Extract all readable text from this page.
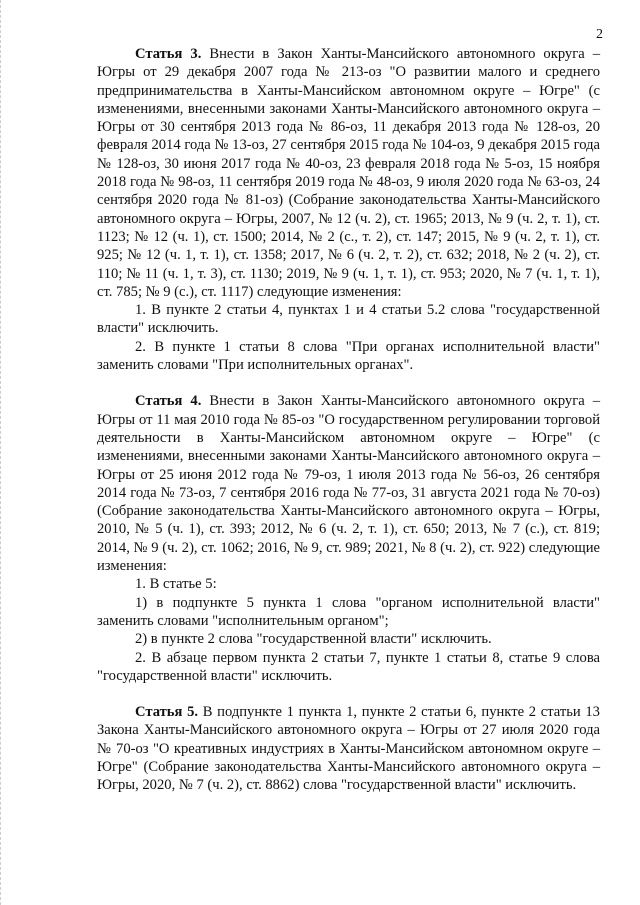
2

Статья 3. Внести в Закон Ханты-Мансийского автономного округа – Югры от 29 декабря 2007 года № 213-оз "О развитии малого и среднего предпринимательства в Ханты-Мансийском автономном округе – Югре" (с изменениями, внесенными законами Ханты-Мансийского автономного округа – Югры от 30 сентября 2013 года № 86-оз, 11 декабря 2013 года № 128-оз, 20 февраля 2014 года № 13-оз, 27 сентября 2015 года № 104-оз, 9 декабря 2015 года № 128-оз, 30 июня 2017 года № 40-оз, 23 февраля 2018 года № 5-оз, 15 ноября 2018 года № 98-оз, 11 сентября 2019 года № 48-оз, 9 июля 2020 года № 63-оз, 24 сентября 2020 года № 81-оз) (Собрание законодательства Ханты-Мансийского автономного округа – Югры, 2007, № 12 (ч. 2), ст. 1965; 2013, № 9 (ч. 2, т. 1), ст. 1123; № 12 (ч. 1), ст. 1500; 2014, № 2 (с., т. 2), ст. 147; 2015, № 9 (ч. 2, т. 1), ст. 925; № 12 (ч. 1, т. 1), ст. 1358; 2017, № 6 (ч. 2, т. 2), ст. 632; 2018, № 2 (ч. 2), ст. 110; № 11 (ч. 1, т. 3), ст. 1130; 2019, № 9 (ч. 1, т. 1), ст. 953; 2020, № 7 (ч. 1, т. 1), ст. 785; № 9 (с.), ст. 1117) следующие изменения:

1. В пункте 2 статьи 4, пунктах 1 и 4 статьи 5.2 слова "государственной власти" исключить.

2. В пункте 1 статьи 8 слова "При органах исполнительной власти" заменить словами "При исполнительных органах".

Статья 4. Внести в Закон Ханты-Мансийского автономного округа – Югры от 11 мая 2010 года № 85-оз "О государственном регулировании торговой деятельности в Ханты-Мансийском автономном округе – Югре" (с изменениями, внесенными законами Ханты-Мансийского автономного округа – Югры от 25 июня 2012 года № 79-оз, 1 июля 2013 года № 56-оз, 26 сентября 2014 года № 73-оз, 7 сентября 2016 года № 77-оз, 31 августа 2021 года № 70-оз) (Собрание законодательства Ханты-Мансийского автономного округа – Югры, 2010, № 5 (ч. 1), ст. 393; 2012, № 6 (ч. 2, т. 1), ст. 650; 2013, № 7 (с.), ст. 819; 2014, № 9 (ч. 2), ст. 1062; 2016, № 9, ст. 989; 2021, № 8 (ч. 2), ст. 922) следующие изменения:

1. В статье 5:

1) в подпункте 5 пункта 1 слова "органом исполнительной власти" заменить словами "исполнительным органом";

2) в пункте 2 слова "государственной власти" исключить.

2. В абзаце первом пункта 2 статьи 7, пункте 1 статьи 8, статье 9 слова "государственной власти" исключить.

Статья 5. В подпункте 1 пункта 1, пункте 2 статьи 6, пункте 2 статьи 13 Закона Ханты-Мансийского автономного округа – Югры от 27 июля 2020 года № 70-оз "О креативных индустриях в Ханты-Мансийском автономном округе – Югре" (Собрание законодательства Ханты-Мансийского автономного округа – Югры, 2020, № 7 (ч. 2), ст. 8862) слова "государственной власти" исключить.
